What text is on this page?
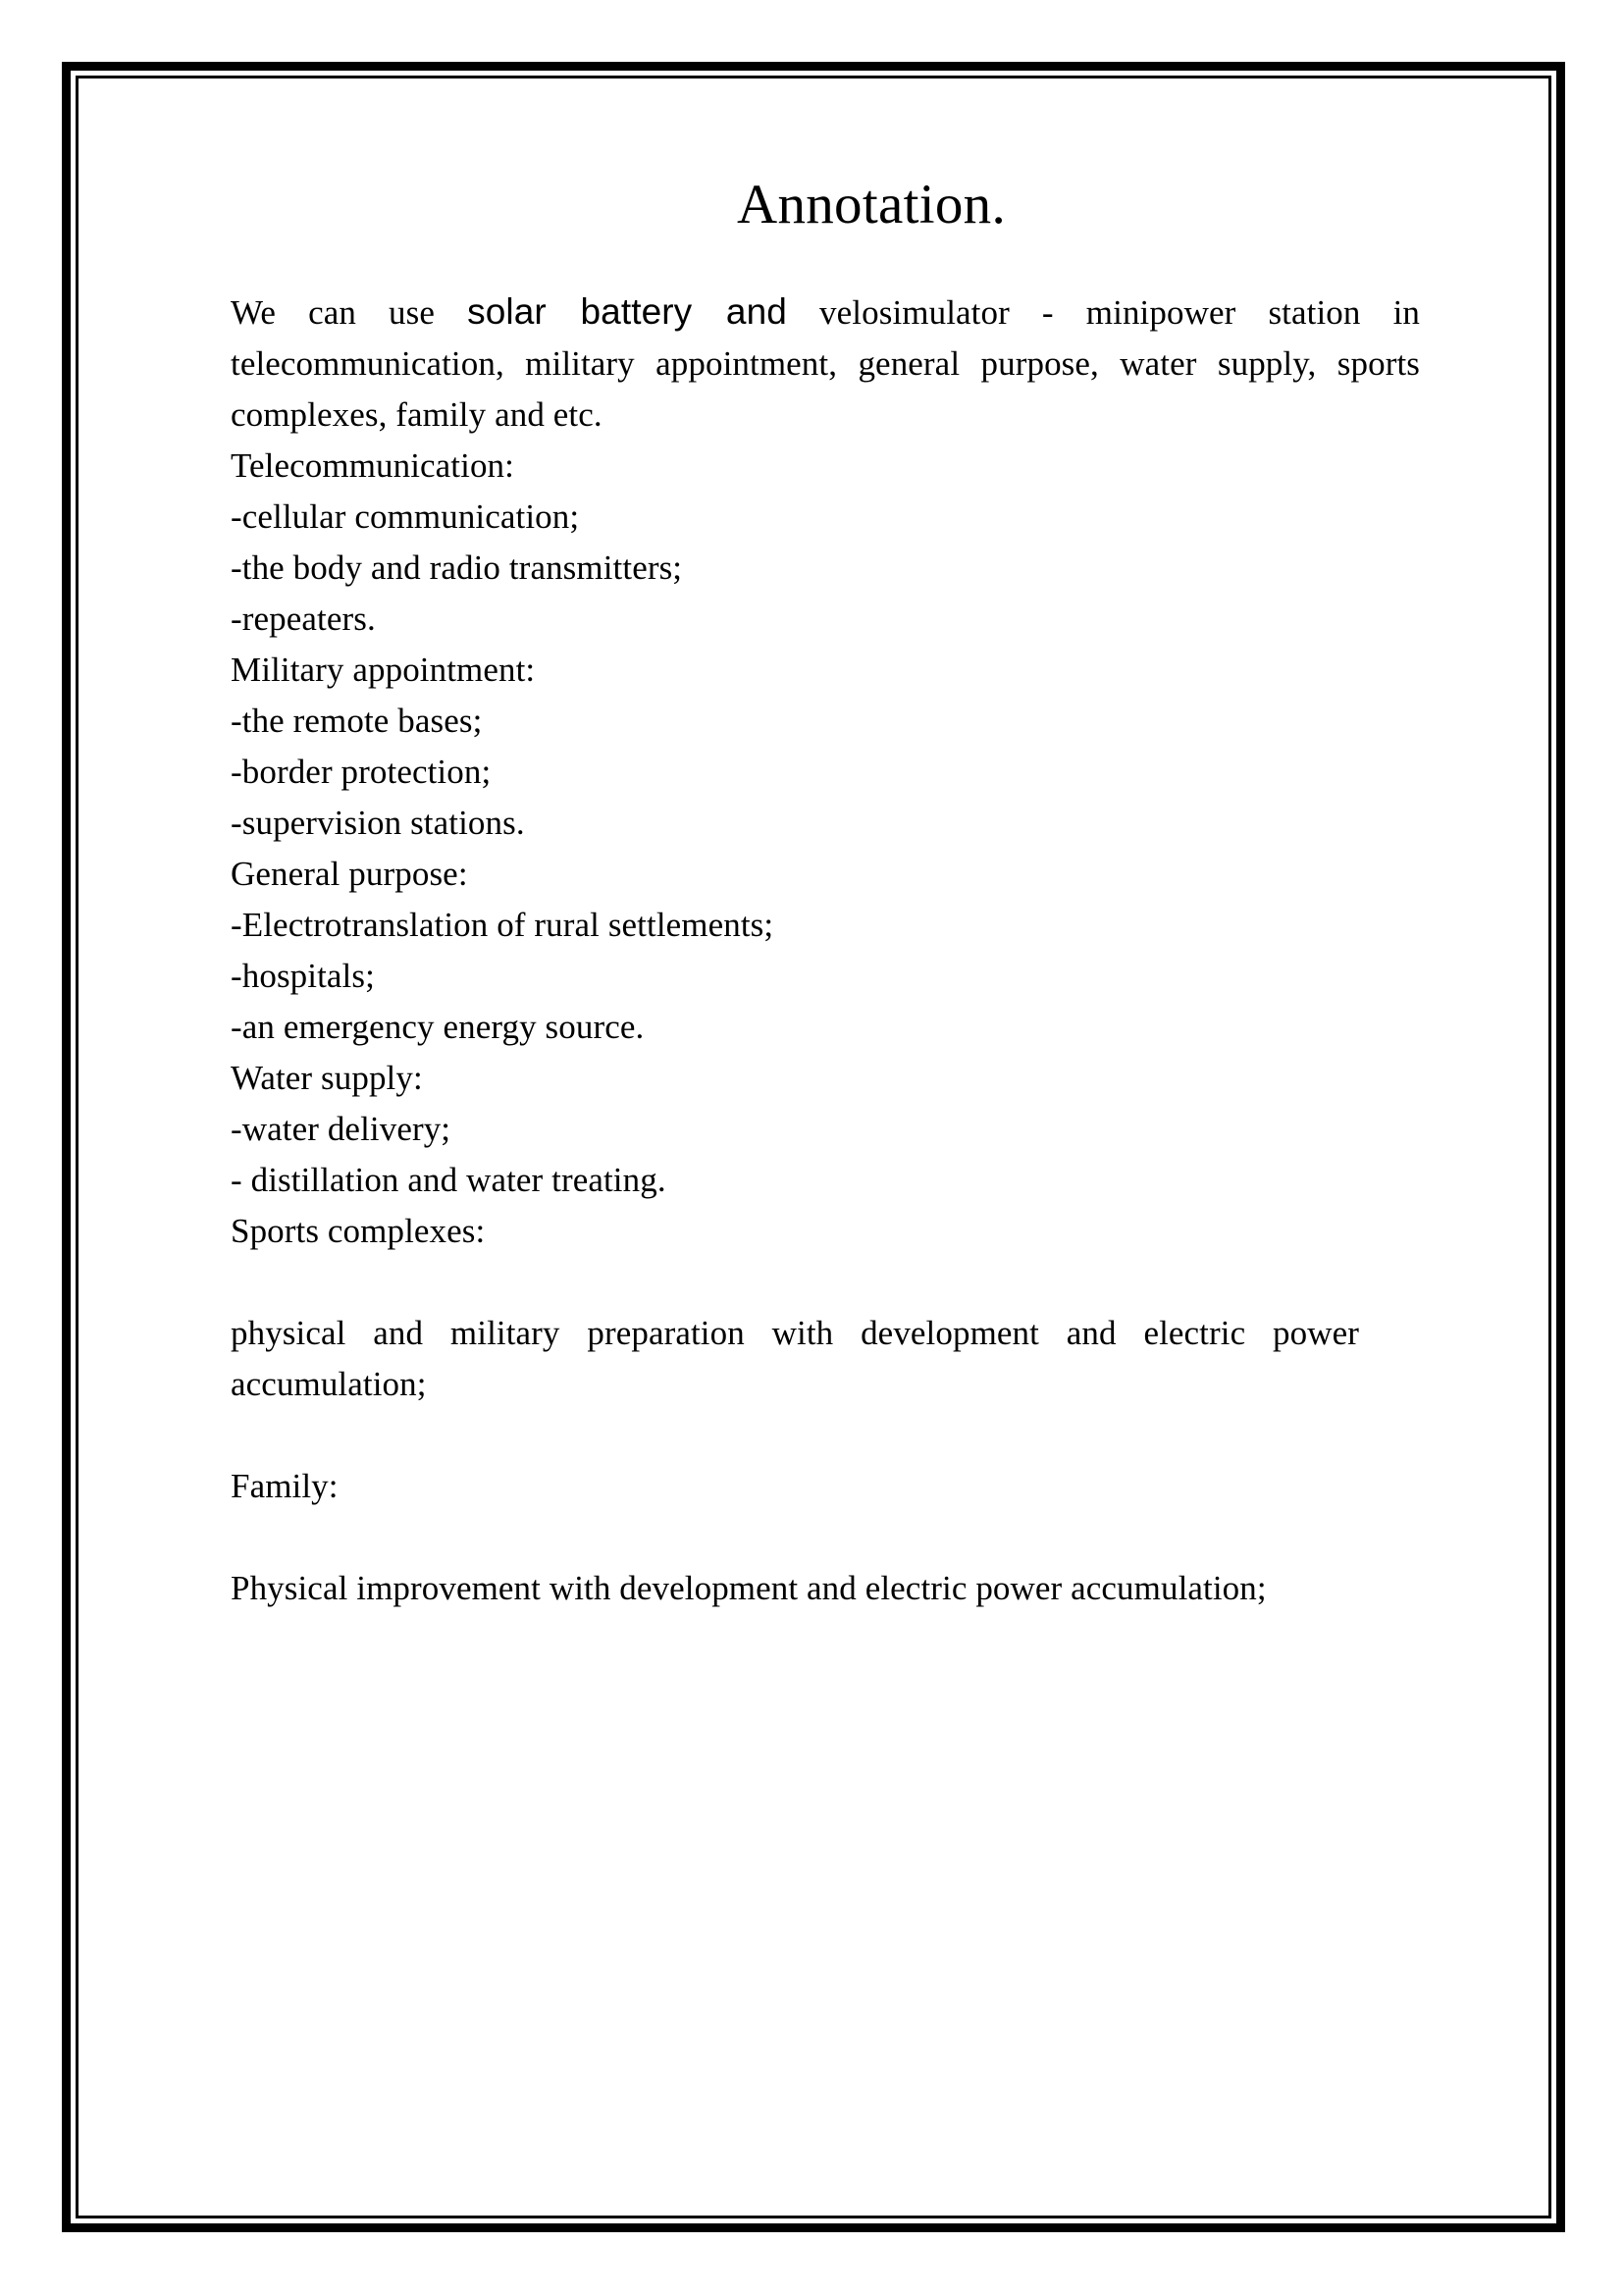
Annotation.

We can use solar battery and velosimulator - minipower station in telecommunication, military appointment, general purpose, water supply, sports complexes, family and etc.

Telecommunication:

-cellular communication;

-the body and radio transmitters;

-repeaters.

Military appointment:

-the remote bases;

-border protection;

-supervision stations.

General purpose:

-Electrotranslation of rural settlements;

-hospitals;

-an emergency energy source.

Water supply:

-water delivery;

- distillation and water treating.

Sports complexes:

physical and military preparation with development and electric power accumulation;

Family:

Physical improvement with development and electric power accumulation;
